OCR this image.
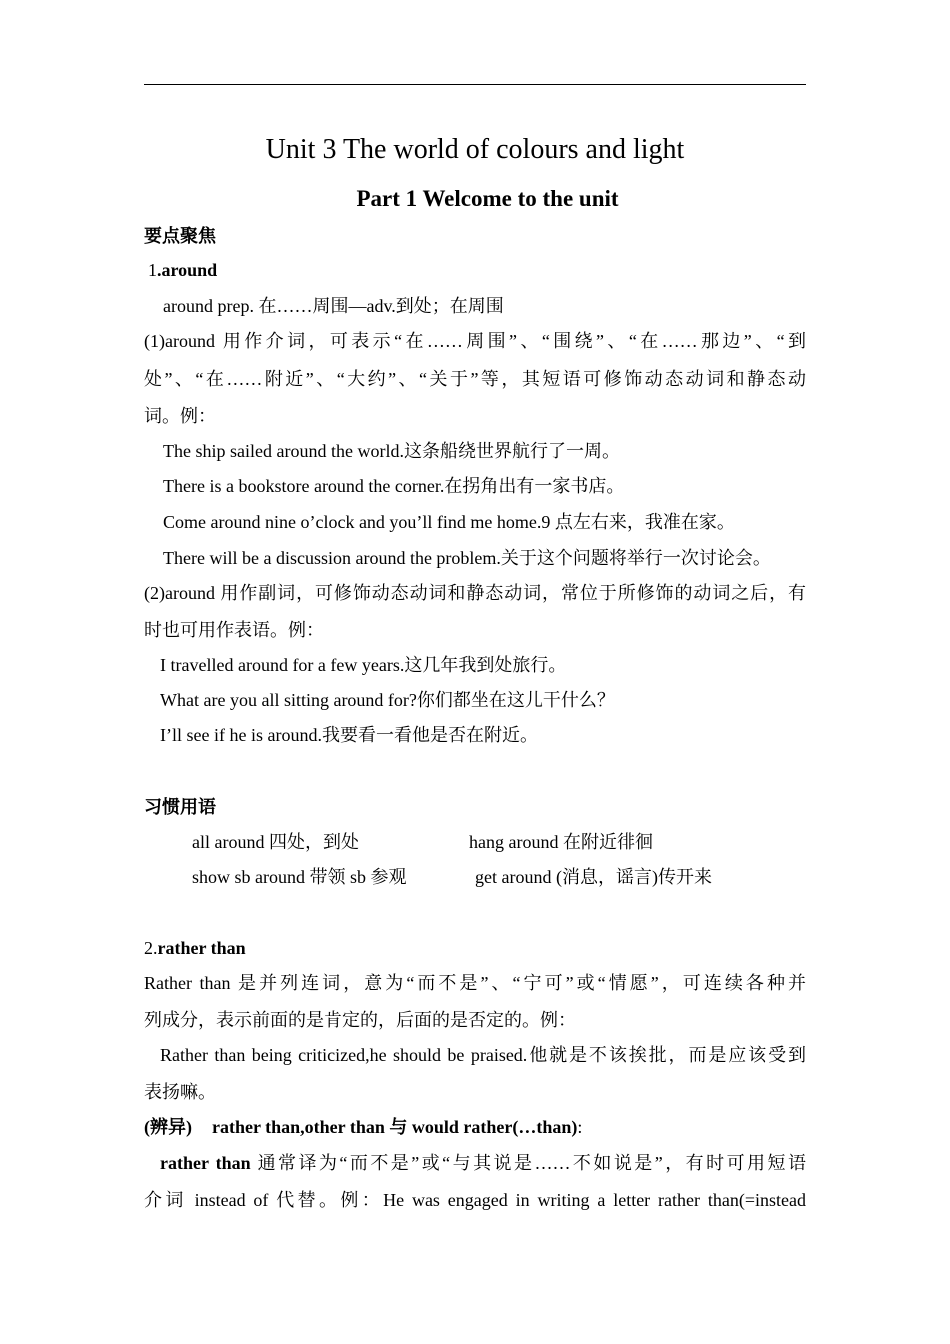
Unit 3 The world of colours and light
Part 1 Welcome to the unit
要点聚焦
1.around
around prep. 在……周围—adv.到处；在周围
(1)around 用作介词，可表示“在……周围”、“围绕”、“在……那边”、“到
处”、“在……附近”、“大约”、“关于”等，其短语可修饰动态动词和静态动
词。例：
The ship sailed around the world.这条船绕世界航行了一周。
There is a bookstore around the corner.在拐角出有一家书店。
Come around nine o’clock and you’ll find me home.9 点左右来，我准在家。
There will be a discussion around the problem.关于这个问题将举行一次讨论会。
(2)around 用作副词，可修饰动态动词和静态动词，常位于所修饰的动词之后，有
时也可用作表语。例：
I travelled around for a few years.这几年我到处旅行。
What are you all sitting around for?你们都坐在这儿干什么？
I’ll see if he is around.我要看一看他是否在附近。
习惯用语
all around 四处，到处	hang around 在附近徘徊
show sb around 带领 sb 参观	get around (消息，谣言)传开来
2.rather than
Rather than 是并列连词，意为“而不是”、“宁可”或“情愿”，可连续各种并
列成分，表示前面的是肯定的，后面的是否定的。例：
Rather than being criticized,he should be praised.他就是不该挨批，而是应该受到
表扬嘛。
(辨异) rather than,other than 与 would rather(…than):
rather than 通常译为“而不是”或“与其说是……不如说是”，有时可用短语
介词 instead of 代替。例：He was engaged in writing a letter rather than(=instead
